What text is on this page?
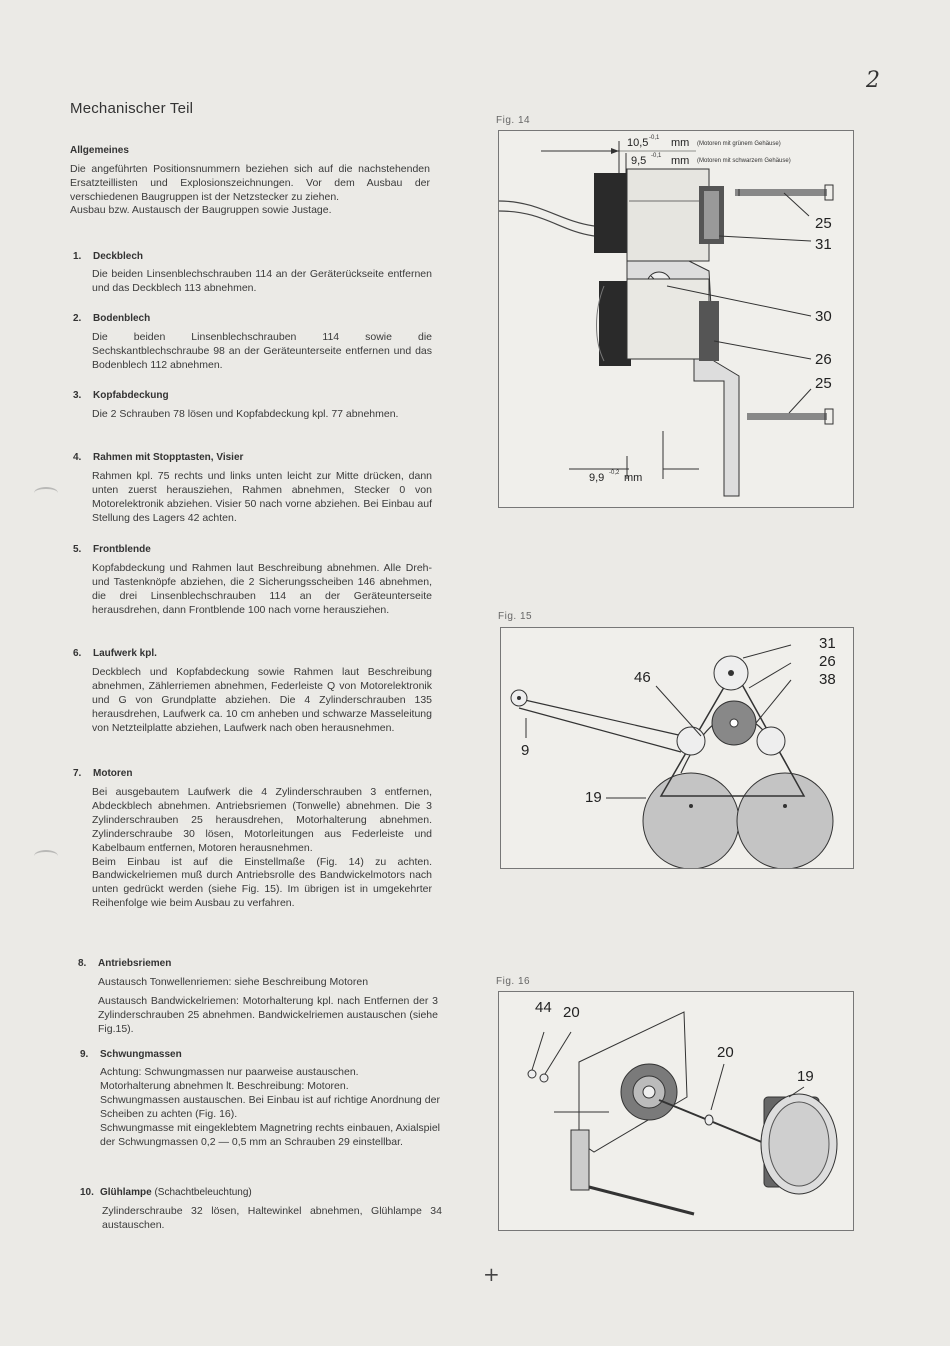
2
+
Mechanischer Teil
Allgemeines

Die angeführten Positionsnummern beziehen sich auf die nachstehenden Ersatzteillisten und Explosionszeichnungen. Vor dem Ausbau der verschiedenen Baugruppen ist der Netzstecker zu ziehen.

Ausbau bzw. Austausch der Baugruppen sowie Justage.

1. Deckblech

Die beiden Linsenblechschrauben 114 an der Geräterückseite entfernen und das Deckblech 113 abnehmen.

2. Bodenblech

Die beiden Linsenblechschrauben 114 sowie die Sechskantblechschraube 98 an der Geräteunterseite entfernen und das Bodenblech 112 abnehmen.

3. Kopfabdeckung

Die 2 Schrauben 78 lösen und Kopfabdeckung kpl. 77 abnehmen.

4. Rahmen mit Stopptasten, Visier

Rahmen kpl. 75 rechts und links unten leicht zur Mitte drücken, dann unten zuerst herausziehen, Rahmen abnehmen, Stecker 0 von Motorelektronik abziehen. Visier 50 nach vorne abziehen. Bei Einbau auf Stellung des Lagers 42 achten.

5. Frontblende

Kopfabdeckung und Rahmen laut Beschreibung abnehmen. Alle Dreh- und Tastenknöpfe abziehen, die 2 Sicherungsscheiben 146 abnehmen, die drei Linsenblechschrauben 114 an der Geräteunterseite herausdrehen, dann Frontblende 100 nach vorne herausziehen.

6. Laufwerk kpl.

Deckblech und Kopfabdeckung sowie Rahmen laut Beschreibung abnehmen, Zählerriemen abnehmen, Federleiste Q von Motorelektronik und G von Grundplatte abziehen. Die 4 Zylinderschrauben 135 herausdrehen, Laufwerk ca. 10 cm anheben und schwarze Masseleitung von Netzteilplatte abziehen, Laufwerk nach oben herausnehmen.

7. Motoren

Bei ausgebautem Laufwerk die 4 Zylinderschrauben 3 entfernen, Abdeckblech abnehmen. Antriebsriemen (Tonwelle) abnehmen. Die 3 Zylinderschrauben 25 herausdrehen, Motorhalterung abnehmen. Zylinderschraube 30 lösen, Motorleitungen aus Federleiste und Kabelbaum entfernen, Motoren herausnehmen.

Beim Einbau ist auf die Einstellmaße (Fig. 14) zu achten. Bandwickelriemen muß durch Antriebsrolle des Bandwickelmotors nach unten gedrückt werden (siehe Fig. 15). Im übrigen ist in umgekehrter Reihenfolge wie beim Ausbau zu verfahren.

8. Antriebsriemen

Austausch Tonwellenriemen: siehe Beschreibung Motoren

Austausch Bandwickelriemen: Motorhalterung kpl. nach Entfernen der 3 Zylinderschrauben 25 abnehmen. Bandwickelriemen austauschen (siehe Fig.15).

9. Schwungmassen

Achtung: Schwungmassen nur paarweise austauschen.

Motorhalterung abnehmen lt. Beschreibung: Motoren.

Schwungmassen austauschen. Bei Einbau ist auf richtige Anordnung der Scheiben zu achten (Fig. 16).

Schwungmasse mit eingeklebtem Magnetring rechts einbauen, Axialspiel der Schwungmassen 0,2 — 0,5 mm an Schrauben 29 einstellbar.

10. Glühlampe (Schachtbeleuchtung)

Zylinderschraube 32 lösen, Haltewinkel abnehmen, Glühlampe 34 austauschen.

Fig. 14
10,5 -0,1 mm (Motoren mit grünem Gehäuse)
9,5 -0,1 mm (Motoren mit schwarzem Gehäuse)
25
31
30
26
25
9,9 -0,2 mm
Fig. 15
31
26
38
46
9
19
Fig. 16
44 20
20
19
